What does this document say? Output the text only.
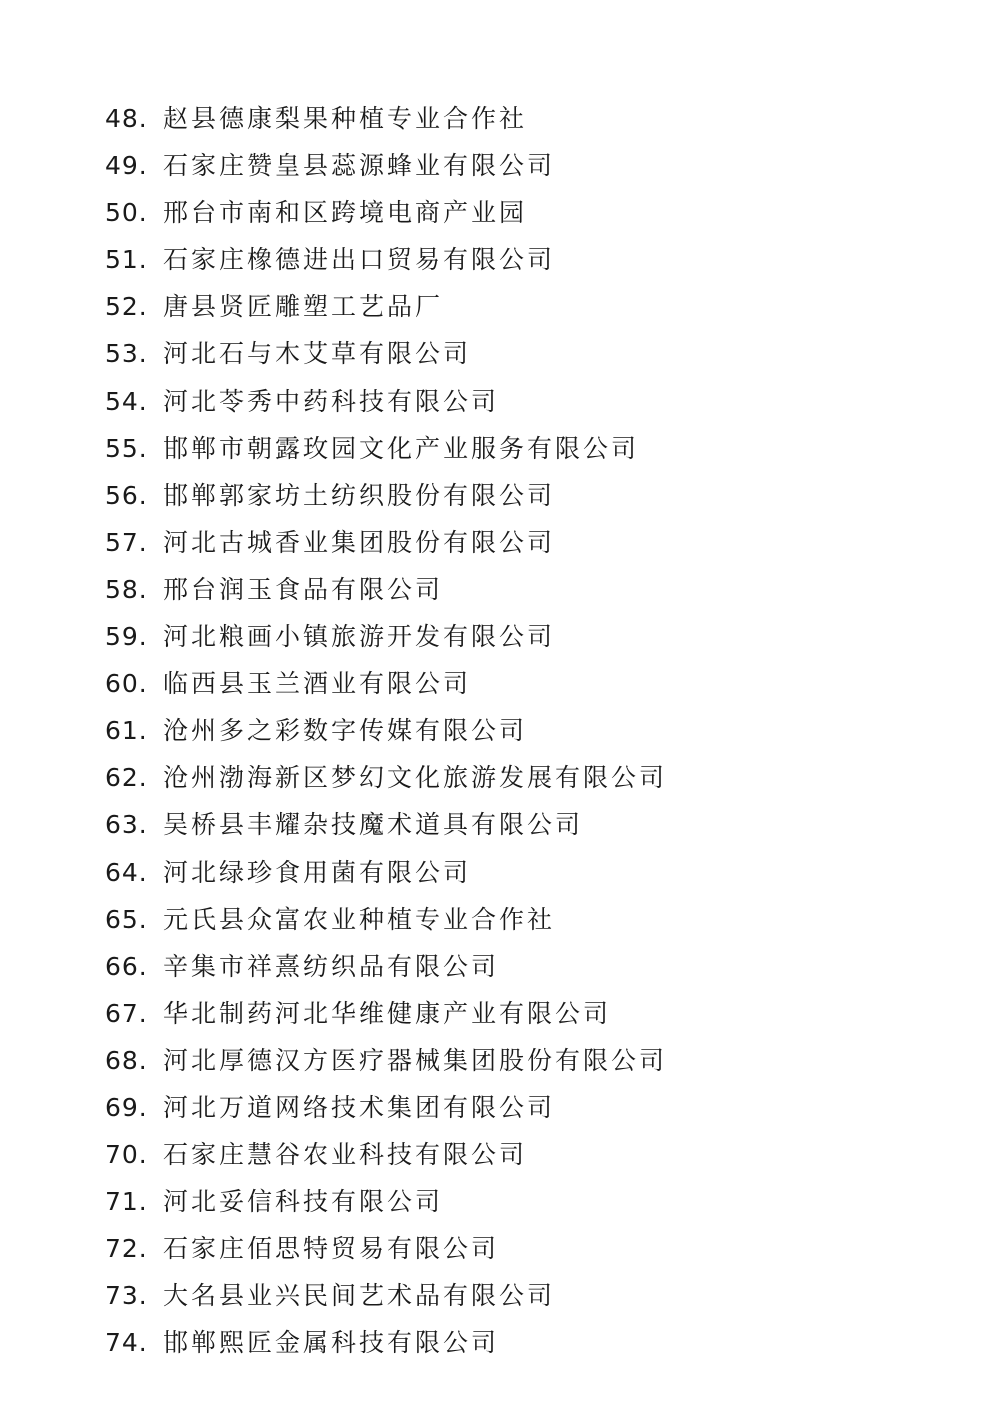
48. 赵县德康梨果种植专业合作社
49. 石家庄赞皇县蕊源蜂业有限公司
50. 邢台市南和区跨境电商产业园
51. 石家庄橡德进出口贸易有限公司
52. 唐县贤匠雕塑工艺品厂
53. 河北石与木艾草有限公司
54. 河北苓秀中药科技有限公司
55. 邯郸市朝露玫园文化产业服务有限公司
56. 邯郸郭家坊土纺织股份有限公司
57. 河北古城香业集团股份有限公司
58. 邢台润玉食品有限公司
59. 河北粮画小镇旅游开发有限公司
60. 临西县玉兰酒业有限公司
61. 沧州多之彩数字传媒有限公司
62. 沧州渤海新区梦幻文化旅游发展有限公司
63. 吴桥县丰耀杂技魔术道具有限公司
64. 河北绿珍食用菌有限公司
65. 元氏县众富农业种植专业合作社
66. 辛集市祥熹纺织品有限公司
67. 华北制药河北华维健康产业有限公司
68. 河北厚德汉方医疗器械集团股份有限公司
69. 河北万道网络技术集团有限公司
70. 石家庄慧谷农业科技有限公司
71. 河北妥信科技有限公司
72. 石家庄佰思特贸易有限公司
73. 大名县业兴民间艺术品有限公司
74. 邯郸熙匠金属科技有限公司
